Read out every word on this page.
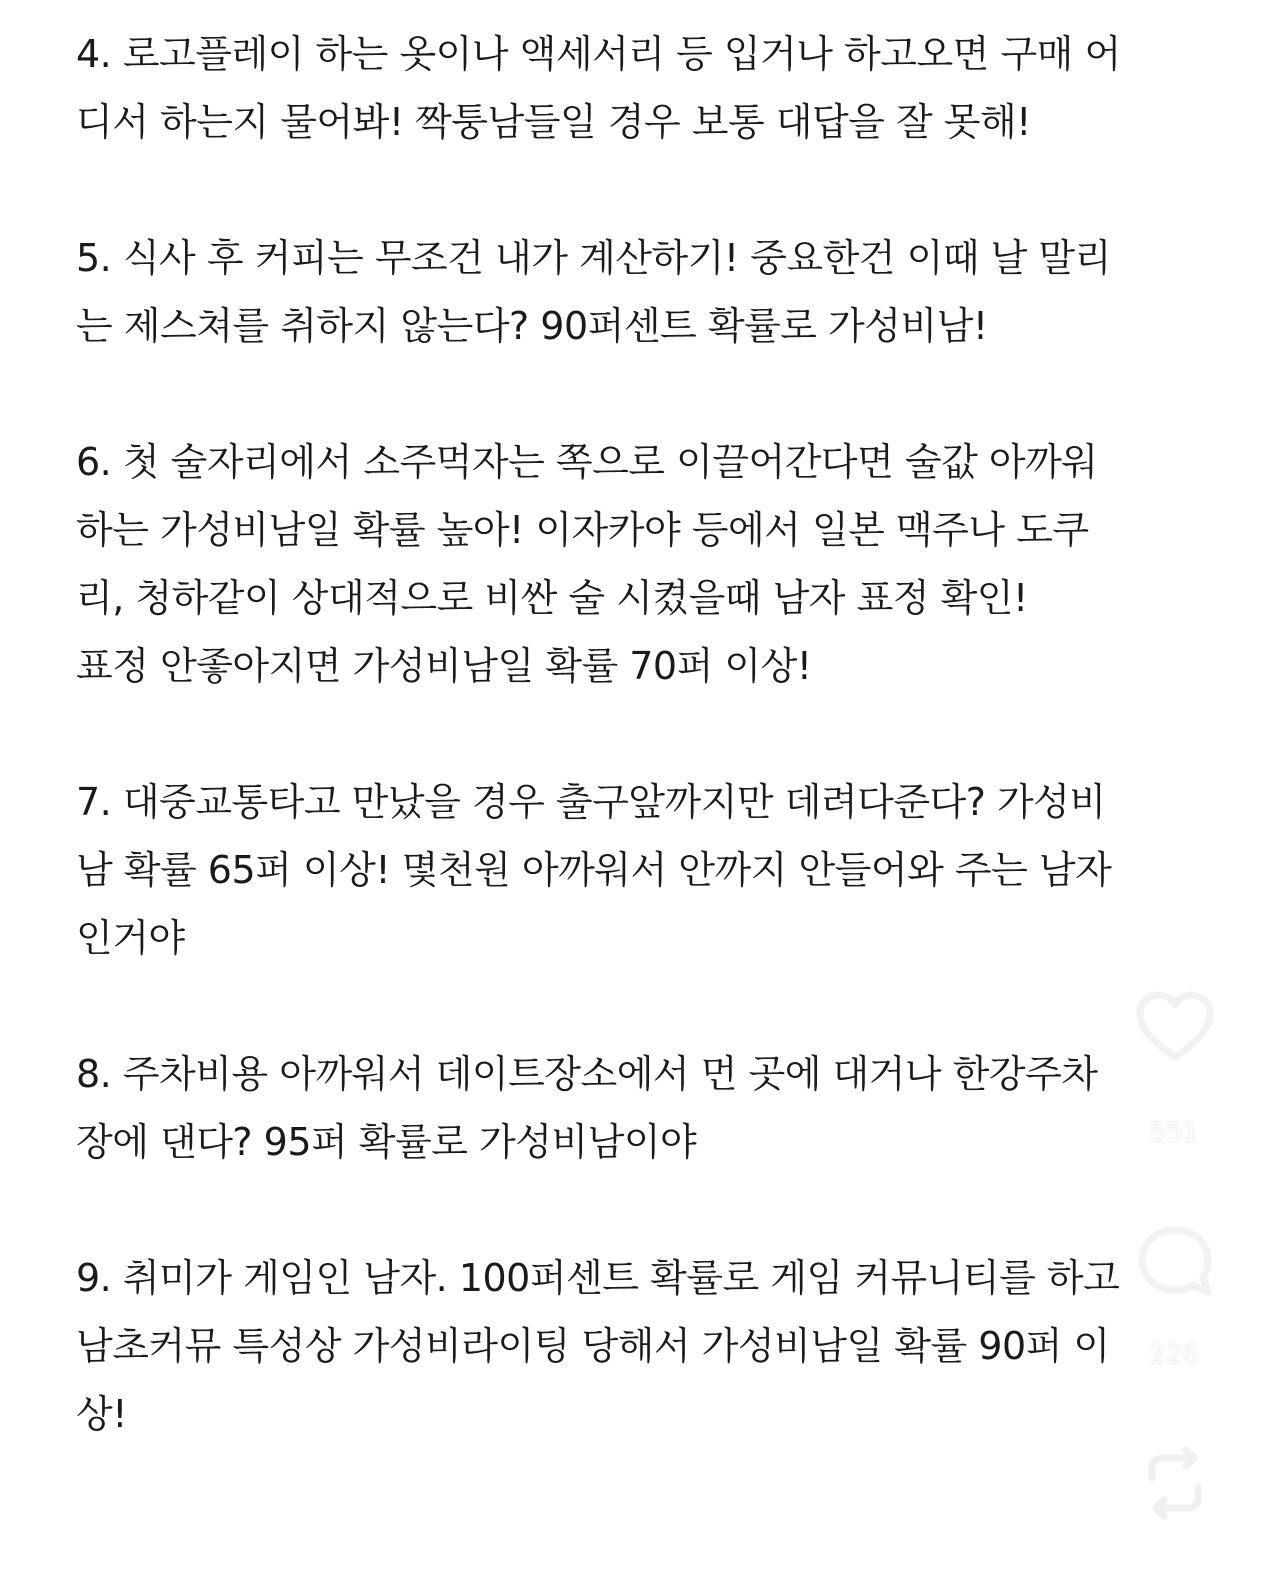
4. 로고플레이 하는 옷이나 액세서리 등 입거나 하고오면 구매 어
디서 하는지 물어봐! 짝퉁남들일 경우 보통 대답을 잘 못해!
5. 식사 후 커피는 무조건 내가 계산하기! 중요한건 이때 날 말리
는 제스쳐를 취하지 않는다? 90퍼센트 확률로 가성비남!
6. 첫 술자리에서 소주먹자는 쪽으로 이끌어간다면 술값 아까워
하는 가성비남일 확률 높아! 이자카야 등에서 일본 맥주나 도쿠
리, 청하같이 상대적으로 비싼 술 시켰을때 남자 표정 확인!
표정 안좋아지면 가성비남일 확률 70퍼 이상!
7. 대중교통타고 만났을 경우 출구앞까지만 데려다준다? 가성비
남 확률 65퍼 이상! 몇천원 아까워서 안까지 안들어와 주는 남자
인거야
8. 주차비용 아까워서 데이트장소에서 먼 곳에 대거나 한강주차
장에 댄다? 95퍼 확률로 가성비남이야
9. 취미가 게임인 남자. 100퍼센트 확률로 게임 커뮤니티를 하고
남초커뮤 특성상 가성비라이팅 당해서 가성비남일 확률 90퍼 이
상!
551
226
